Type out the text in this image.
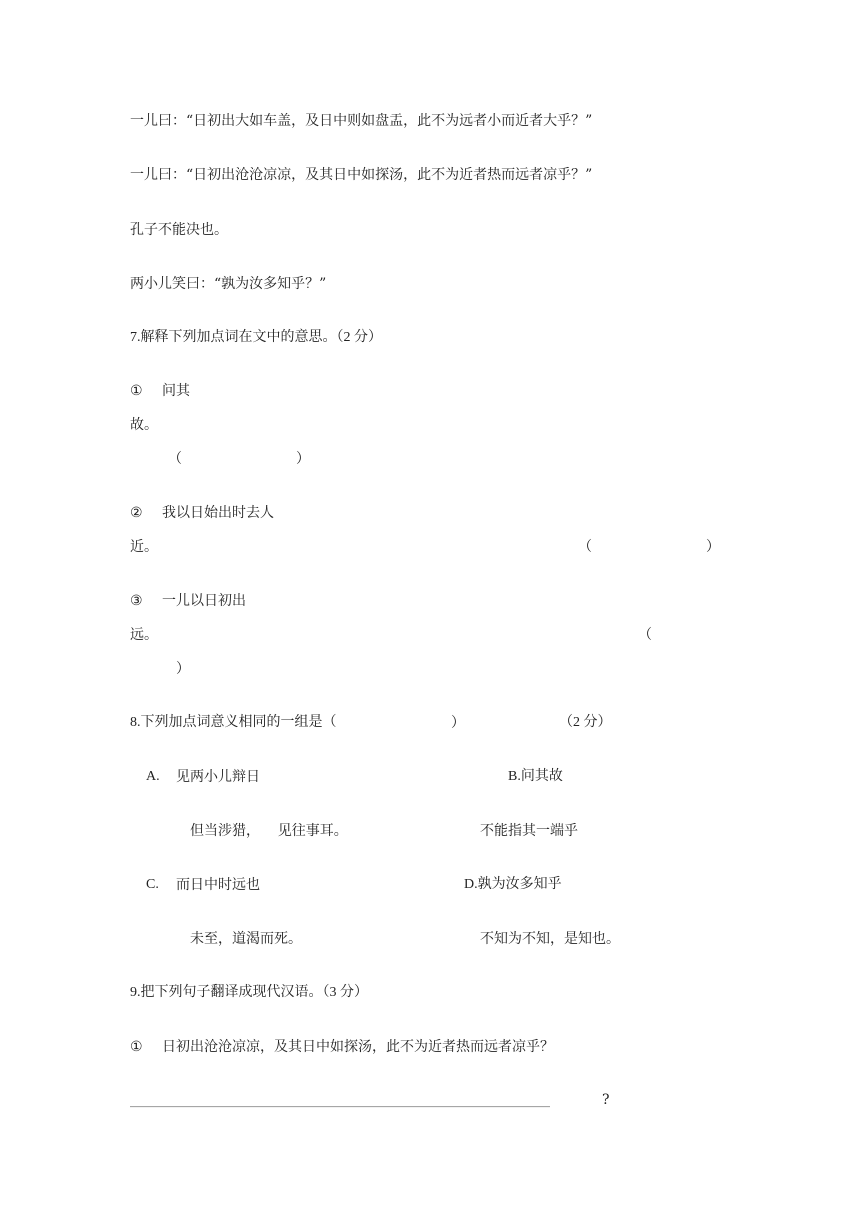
一儿曰：“日初出大如车盖，及日中则如盘盂，此不为远者小而近者大乎？”
一儿曰：“日初出沧沧凉凉，及其日中如探汤，此不为近者热而远者凉乎？”
孔子不能决也。
两小儿笑曰：“孰为汝多知乎？”
7.解释下列加点词在文中的意思。（2 分）
① 问其
故。
（	）
② 我以日始出时去人
近。	（	）
③ 一儿以日初出
远。	（
）
8.下列加点词意义相同的一组是（	）	（2 分）
A. 见两小儿辩日
但当涉猎，    见往事耳。
B.问其故
不能指其一端乎
C. 而日中时远也
未至，道渴而死。
D.孰为汝多知乎
不知为不知，是知也。
9.把下列句子翻译成现代汉语。（3 分）
① 日初出沧沧凉凉，及其日中如探汤，此不为近者热而远者凉乎？
____________________________________________________________	?
